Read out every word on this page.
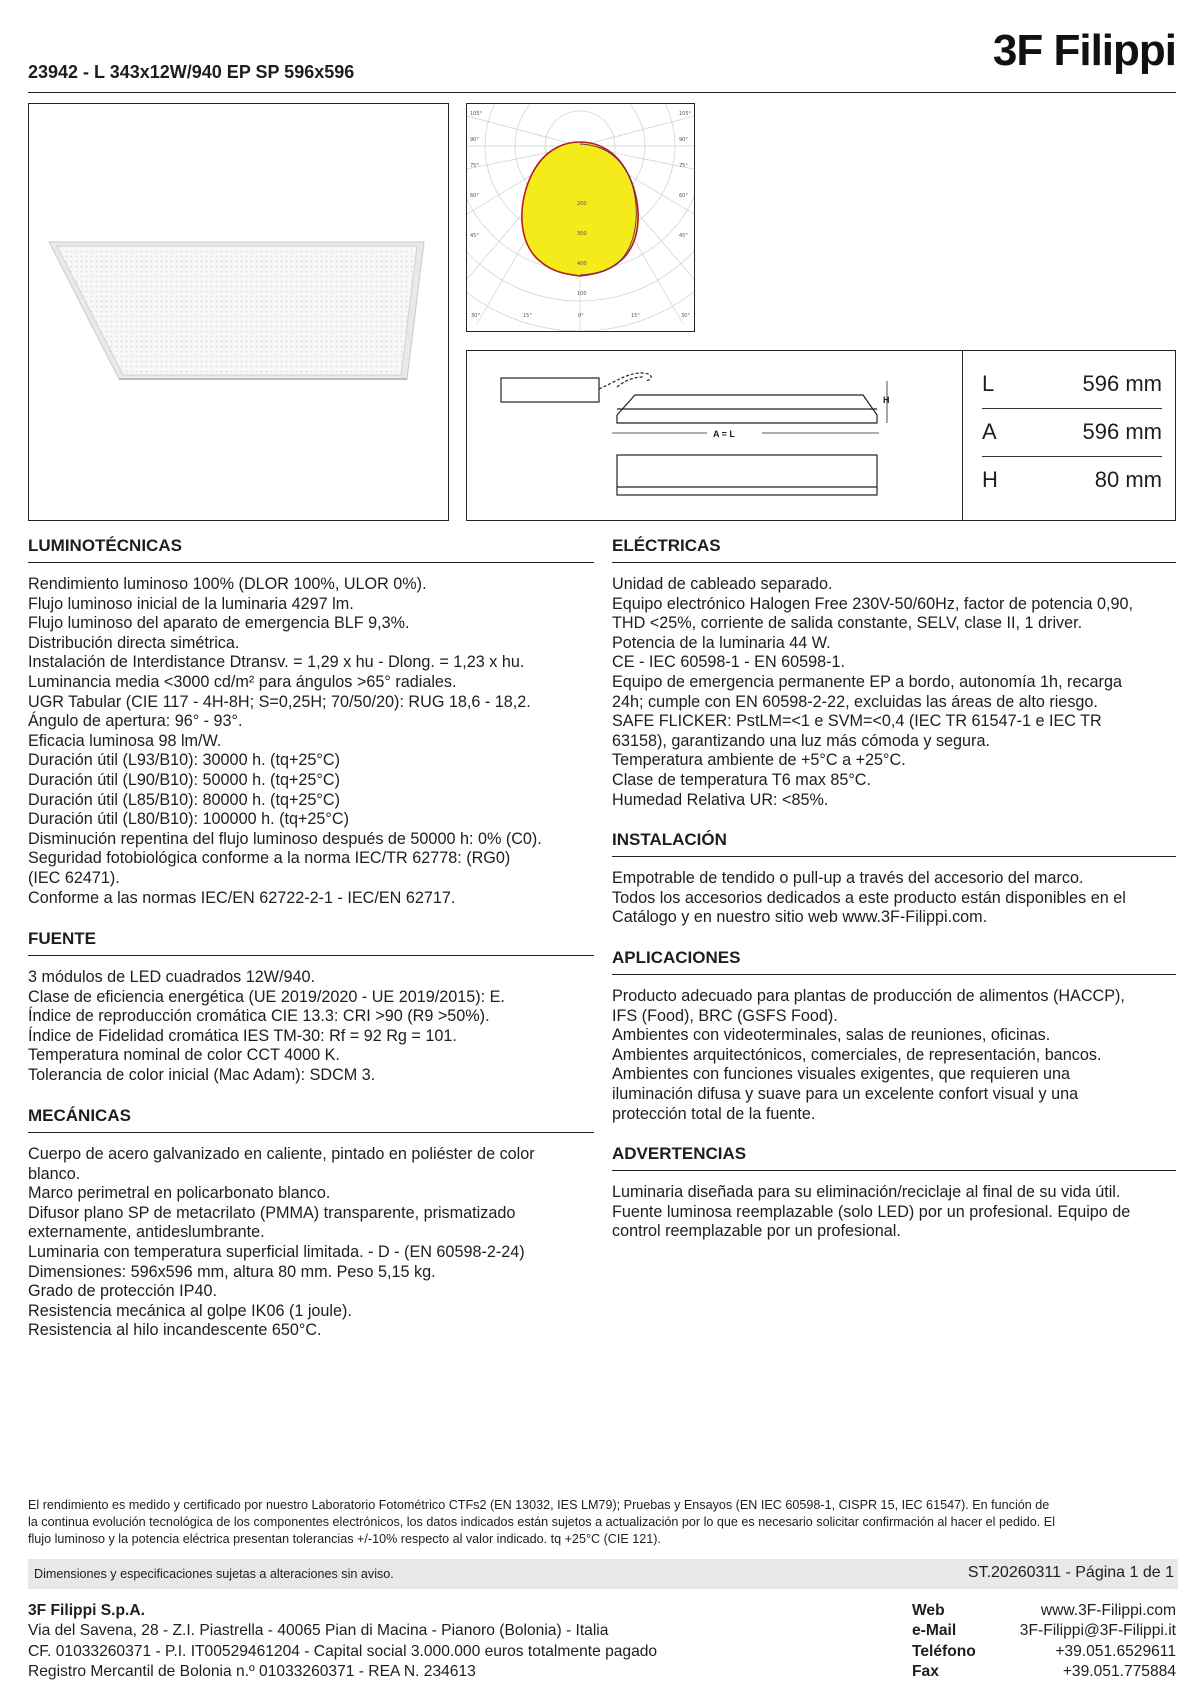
23942 - L 343x12W/940 EP SP 596x596	3F Filippi
105°
90°
75°
60°
45°
105°
90°
75°
60°
45°
30°	15°	0°	15°	30°
200
300
400
100
A = L
H
L	596 mm
A	596 mm
H	80 mm
LUMINOTÉCNICAS
Rendimiento luminoso 100% (DLOR 100%, ULOR 0%).
Flujo luminoso inicial de la luminaria 4297 lm.
Flujo luminoso del aparato de emergencia BLF 9,3%.
Distribución directa simétrica.
Instalación de Interdistance Dtransv. = 1,29 x hu - Dlong. = 1,23 x hu.
Luminancia media <3000 cd/m² para ángulos >65° radiales.
UGR Tabular (CIE 117 - 4H-8H; S=0,25H; 70/50/20): RUG 18,6 - 18,2.
Ángulo de apertura: 96° - 93°.
Eficacia luminosa 98 lm/W.
Duración útil (L93/B10): 30000 h. (tq+25°C)
Duración útil (L90/B10): 50000 h. (tq+25°C)
Duración útil (L85/B10): 80000 h. (tq+25°C)
Duración útil (L80/B10): 100000 h. (tq+25°C)
Disminución repentina del flujo luminoso después de 50000 h: 0% (C0).
Seguridad fotobiológica conforme a la norma IEC/TR 62778: (RG0)
(IEC 62471).
Conforme a las normas IEC/EN 62722-2-1 - IEC/EN 62717.
FUENTE
3 módulos de LED cuadrados 12W/940.
Clase de eficiencia energética (UE 2019/2020 - UE 2019/2015): E.
Índice de reproducción cromática CIE 13.3: CRI >90 (R9 >50%).
Índice de Fidelidad cromática IES TM-30: Rf = 92 Rg = 101.
Temperatura nominal de color CCT 4000 K.
Tolerancia de color inicial (Mac Adam): SDCM 3.
MECÁNICAS
Cuerpo de acero galvanizado en caliente, pintado en poliéster de color
blanco.
Marco perimetral en policarbonato blanco.
Difusor plano SP de metacrilato (PMMA) transparente, prismatizado
externamente, antideslumbrante.
Luminaria con temperatura superficial limitada. - D - (EN 60598-2-24)
Dimensiones: 596x596 mm, altura 80 mm. Peso 5,15 kg.
Grado de protección IP40.
Resistencia mecánica al golpe IK06 (1 joule).
Resistencia al hilo incandescente 650°C.
ELÉCTRICAS
Unidad de cableado separado.
Equipo electrónico Halogen Free 230V-50/60Hz, factor de potencia 0,90,
THD <25%, corriente de salida constante, SELV, clase II, 1 driver.
Potencia de la luminaria 44 W.
CE - IEC 60598-1 - EN 60598-1.
Equipo de emergencia permanente EP a bordo, autonomía 1h, recarga
24h; cumple con EN 60598-2-22, excluidas las áreas de alto riesgo.
SAFE FLICKER: PstLM=<1 e SVM=<0,4 (IEC TR 61547-1 e IEC TR
63158), garantizando una luz más cómoda y segura.
Temperatura ambiente de +5°C a +25°C.
Clase de temperatura T6 max 85°C.
Humedad Relativa UR: <85%.
INSTALACIÓN
Empotrable de tendido o pull-up a través del accesorio del marco.
Todos los accesorios dedicados a este producto están disponibles en el
Catálogo y en nuestro sitio web www.3F-Filippi.com.
APLICACIONES
Producto adecuado para plantas de producción de alimentos (HACCP),
IFS (Food), BRC (GSFS Food).
Ambientes con videoterminales, salas de reuniones, oficinas.
Ambientes arquitectónicos, comerciales, de representación, bancos.
Ambientes con funciones visuales exigentes, que requieren una
iluminación difusa y suave para un excelente confort visual y una
protección total de la fuente.
ADVERTENCIAS
Luminaria diseñada para su eliminación/reciclaje al final de su vida útil.
Fuente luminosa reemplazable (solo LED) por un profesional. Equipo de
control reemplazable por un profesional.
El rendimiento es medido y certificado por nuestro Laboratorio Fotométrico CTFs2 (EN 13032, IES LM79); Pruebas y Ensayos (EN IEC 60598-1, CISPR 15, IEC 61547). En función de
la continua evolución tecnológica de los componentes electrónicos, los datos indicados están sujetos a actualización por lo que es necesario solicitar confirmación al hacer el pedido. El
flujo luminoso y la potencia eléctrica presentan tolerancias +/-10% respecto al valor indicado. tq +25°C (CIE 121).
Dimensiones y especificaciones sujetas a alteraciones sin aviso.	ST.20260311 - Página 1 de 1
3F Filippi S.p.A.
Via del Savena, 28 - Z.I. Piastrella - 40065 Pian di Macina - Pianoro (Bolonia) - Italia
CF. 01033260371 - P.I. IT00529461204 - Capital social 3.000.000 euros totalmente pagado
Registro Mercantil de Bolonia n.º 01033260371 - REA N. 234613
Web	www.3F-Filippi.com
e-Mail	3F-Filippi@3F-Filippi.it
Teléfono	+39.051.6529611
Fax	+39.051.775884
